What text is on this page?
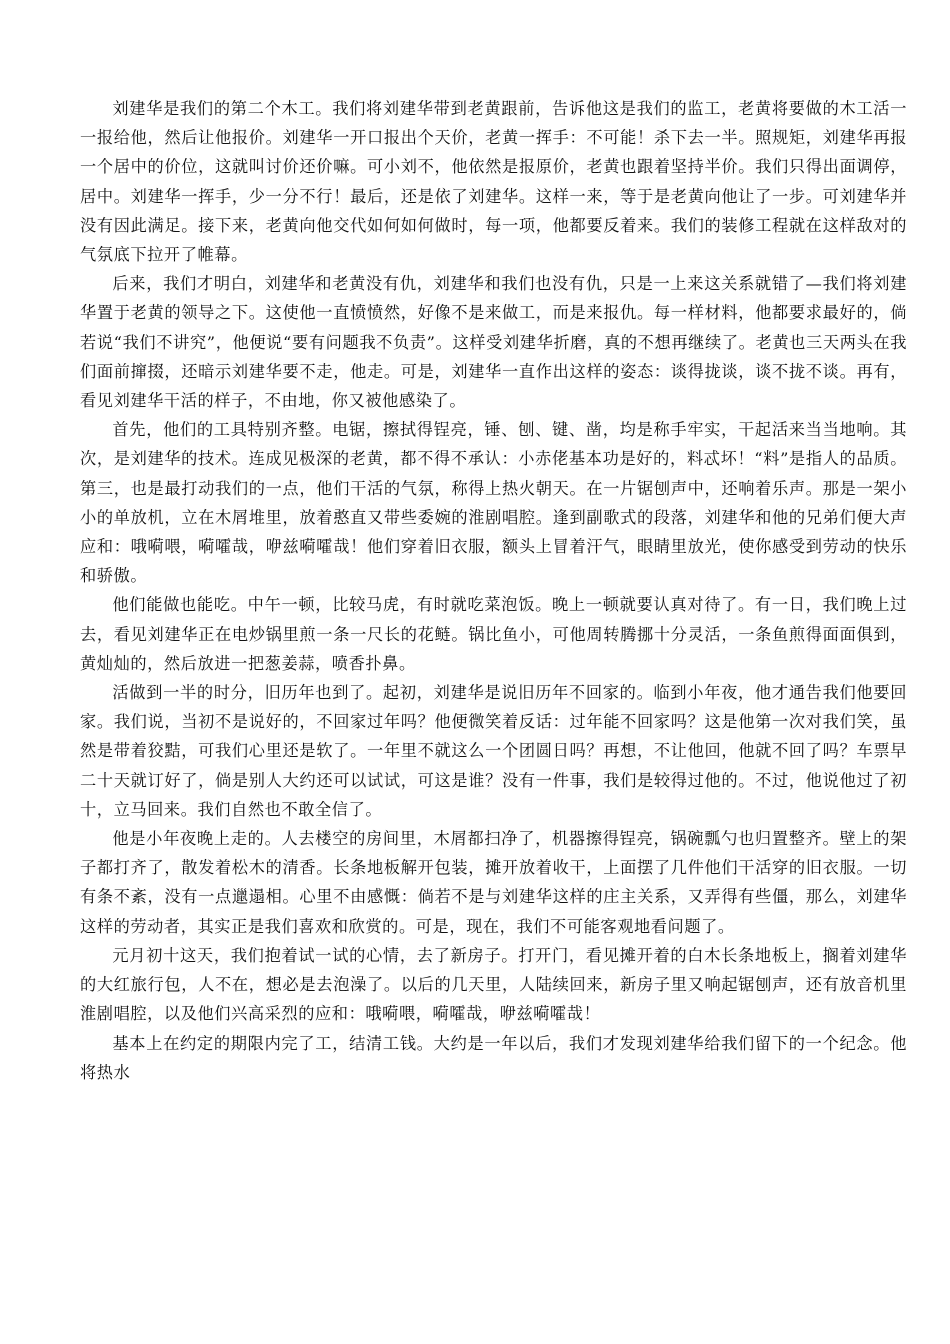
刘建华是我们的第二个木工。我们将刘建华带到老黄跟前，告诉他这是我们的监工，老黄将要做的木工活一一报给他，然后让他报价。刘建华一开口报出个天价，老黄一挥手：不可能！杀下去一半。照规矩，刘建华再报一个居中的价位，这就叫讨价还价嘛。可小刘不，他依然是报原价，老黄也跟着坚持半价。我们只得出面调停，居中。刘建华一挥手，少一分不行！最后，还是依了刘建华。这样一来，等于是老黄向他让了一步。可刘建华并没有因此满足。接下来，老黄向他交代如何如何做时，每一项，他都要反着来。我们的装修工程就在这样敌对的气氛底下拉开了帷幕。

后来，我们才明白，刘建华和老黄没有仇，刘建华和我们也没有仇，只是一上来这关系就错了—我们将刘建华置于老黄的领导之下。这使他一直愤愤然，好像不是来做工，而是来报仇。每一样材料，他都要求最好的，倘若说“我们不讲究”，他便说“要有问题我不负责”。这样受刘建华折磨，真的不想再继续了。老黄也三天两头在我们面前撺掇，还暗示刘建华要不走，他走。可是，刘建华一直作出这样的姿态：谈得拢谈，谈不拢不谈。再有，看见刘建华干活的样子，不由地，你又被他感染了。

首先，他们的工具特别齐整。电锯，擦拭得锃亮，锤、刨、键、凿，均是称手牢实，干起活来当当地响。其次，是刘建华的技术。连成见极深的老黄，都不得不承认：小赤佬基本功是好的，料忒坏！“料”是指人的品质。第三，也是最打动我们的一点，他们干活的气氛，称得上热火朝天。在一片锯刨声中，还响着乐声。那是一架小小的单放机，立在木屑堆里，放着憨直又带些委婉的淮剧唱腔。逢到副歌式的段落，刘建华和他的兄弟们便大声应和：哦嗬喂，嗬嚯哉，咿兹嗬嚯哉！他们穿着旧衣服，额头上冒着汗气，眼睛里放光，使你感受到劳动的快乐和骄傲。

他们能做也能吃。中午一顿，比较马虎，有时就吃菜泡饭。晚上一顿就要认真对待了。有一日，我们晚上过去，看见刘建华正在电炒锅里煎一条一尺长的花鲢。锅比鱼小，可他周转腾挪十分灵活，一条鱼煎得面面俱到，黄灿灿的，然后放进一把葱姜蒜，喷香扑鼻。

活做到一半的时分，旧历年也到了。起初，刘建华是说旧历年不回家的。临到小年夜，他才通告我们他要回家。我们说，当初不是说好的，不回家过年吗？他便微笑着反话：过年能不回家吗？这是他第一次对我们笑，虽然是带着狡黠，可我们心里还是软了。一年里不就这么一个团圆日吗？再想，不让他回，他就不回了吗？车票早二十天就订好了，倘是别人大约还可以试试，可这是谁？没有一件事，我们是较得过他的。不过，他说他过了初十，立马回来。我们自然也不敢全信了。

他是小年夜晚上走的。人去楼空的房间里，木屑都扫净了，机器擦得锃亮，锅碗瓢勺也归置整齐。壁上的架子都打齐了，散发着松木的清香。长条地板解开包装，摊开放着收干，上面摆了几件他们干活穿的旧衣服。一切有条不紊，没有一点邋遢相。心里不由感慨：倘若不是与刘建华这样的庄主关系，又弄得有些僵，那么，刘建华这样的劳动者，其实正是我们喜欢和欣赏的。可是，现在，我们不可能客观地看问题了。

元月初十这天，我们抱着试一试的心情，去了新房子。打开门，看见摊开着的白木长条地板上，搁着刘建华的大红旅行包，人不在，想必是去泡澡了。以后的几天里，人陆续回来，新房子里又响起锯刨声，还有放音机里淮剧唱腔，以及他们兴高采烈的应和：哦嗬喂，嗬嚯哉，咿兹嗬嚯哉！

基本上在约定的期限内完了工，结清工钱。大约是一年以后，我们才发现刘建华给我们留下的一个纪念。他将热水
